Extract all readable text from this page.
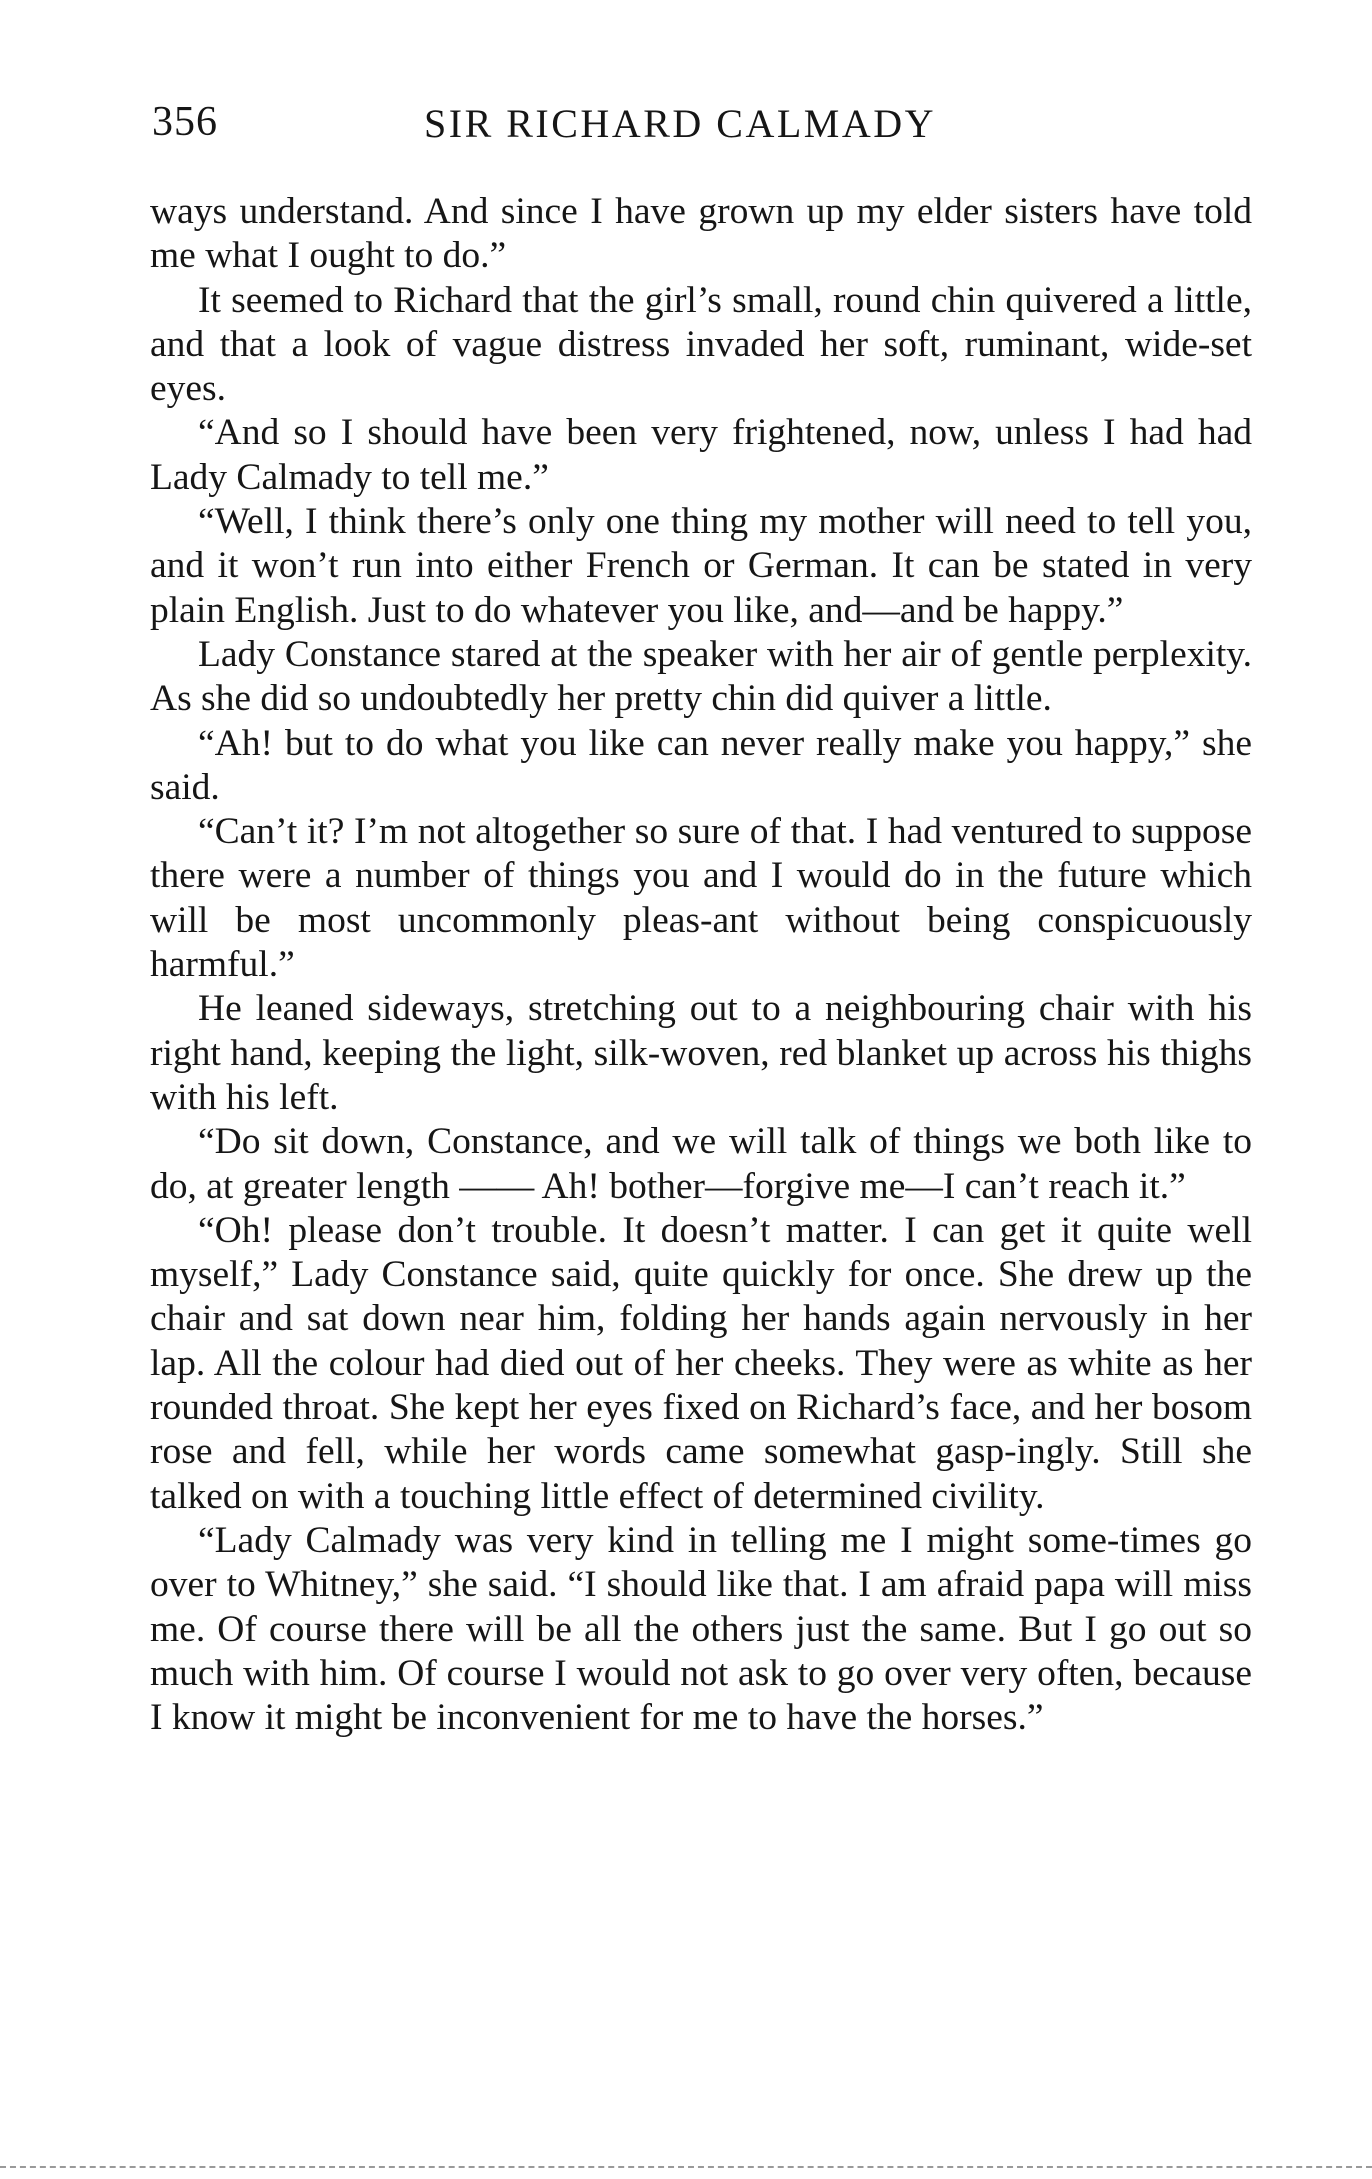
356	SIR RICHARD CALMADY

ways understand. And since I have grown up my elder sisters have told me what I ought to do.”

It seemed to Richard that the girl’s small, round chin quivered a little, and that a look of vague distress invaded her soft, ruminant, wide-set eyes.

“And so I should have been very frightened, now, unless I had had Lady Calmady to tell me.”

“Well, I think there’s only one thing my mother will need to tell you, and it won’t run into either French or German. It can be stated in very plain English. Just to do whatever you like, and—and be happy.”

Lady Constance stared at the speaker with her air of gentle perplexity. As she did so undoubtedly her pretty chin did quiver a little.

“Ah! but to do what you like can never really make you happy,” she said.

“Can’t it? I’m not altogether so sure of that. I had ventured to suppose there were a number of things you and I would do in the future which will be most uncommonly pleas-ant without being conspicuously harmful.”

He leaned sideways, stretching out to a neighbouring chair with his right hand, keeping the light, silk-woven, red blanket up across his thighs with his left.

“Do sit down, Constance, and we will talk of things we both like to do, at greater length —— Ah! bother—forgive me—I can’t reach it.”

“Oh! please don’t trouble. It doesn’t matter. I can get it quite well myself,” Lady Constance said, quite quickly for once. She drew up the chair and sat down near him, folding her hands again nervously in her lap. All the colour had died out of her cheeks. They were as white as her rounded throat. She kept her eyes fixed on Richard’s face, and her bosom rose and fell, while her words came somewhat gasp-ingly. Still she talked on with a touching little effect of determined civility.

“Lady Calmady was very kind in telling me I might some-times go over to Whitney,” she said. “I should like that. I am afraid papa will miss me. Of course there will be all the others just the same. But I go out so much with him. Of course I would not ask to go over very often, because I know it might be inconvenient for me to have the horses.”
